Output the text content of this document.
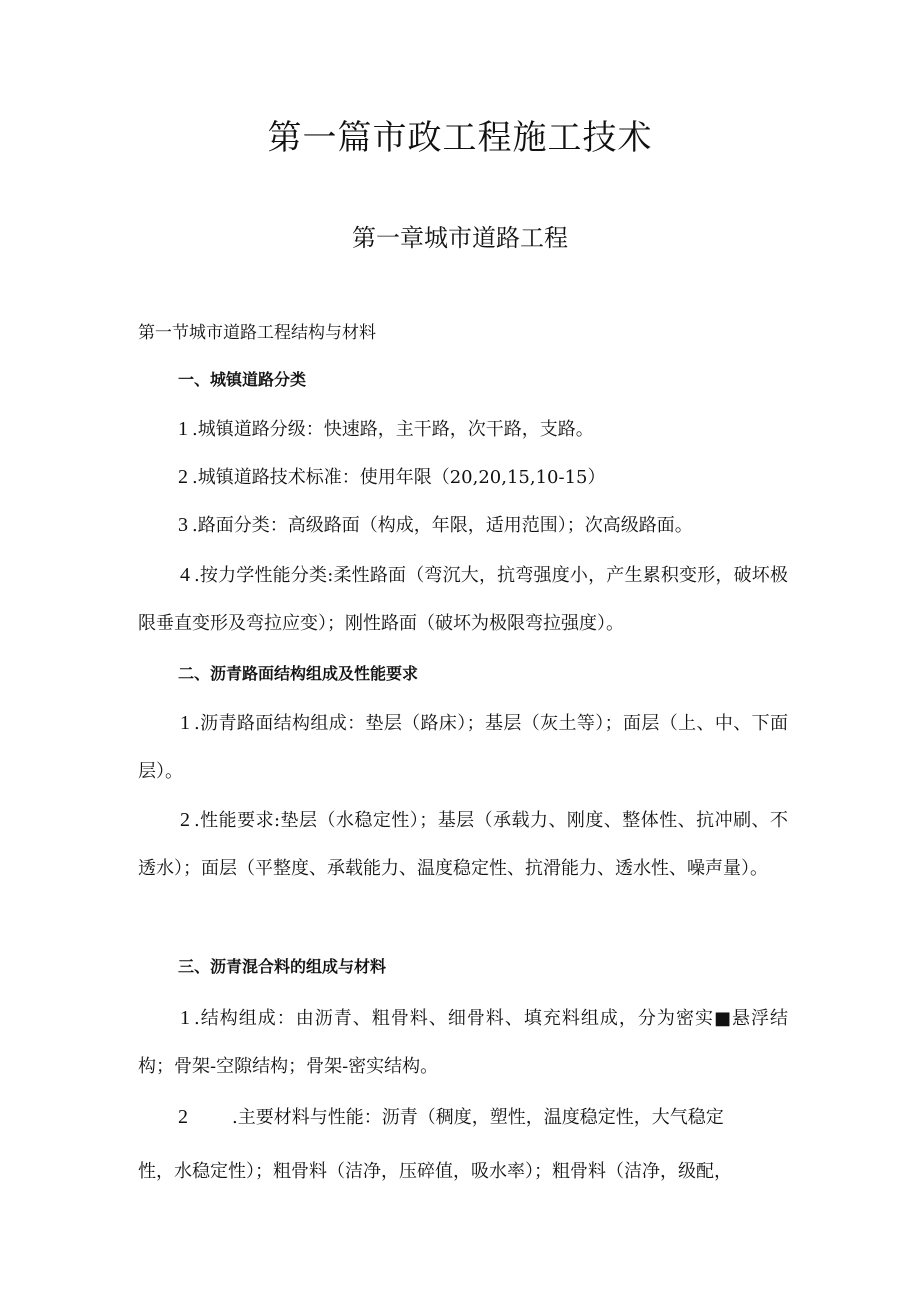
第一篇市政工程施工技术
第一章城市道路工程
第一节城市道路工程结构与材料
一、城镇道路分类
1 .城镇道路分级：快速路，主干路，次干路，支路。
2 .城镇道路技术标准：使用年限（20,20,15,10-15）
3 .路面分类：高级路面（构成，年限，适用范围）；次高级路面。

4 .按力学性能分类:柔性路面（弯沉大，抗弯强度小，产生累积变形，破坏极限垂直变形及弯拉应变）；刚性路面（破坏为极限弯拉强度）。

二、沥青路面结构组成及性能要求

1 .沥青路面结构组成：垫层（路床）；基层（灰土等）；面层（上、中、下面层）。

2 .性能要求:垫层（水稳定性）；基层（承载力、刚度、整体性、抗冲刷、不透水）；面层（平整度、承载能力、温度稳定性、抗滑能力、透水性、噪声量）。

三、沥青混合料的组成与材料

1 .结构组成：由沥青、粗骨料、细骨料、填充料组成，分为密实■悬浮结构；骨架-空隙结构；骨架-密实结构。

2 .主要材料与性能：沥青（稠度，塑性，温度稳定性，大气稳定
性，水稳定性）；粗骨料（洁净，压碎值，吸水率）；粗骨料（洁净，级配，
